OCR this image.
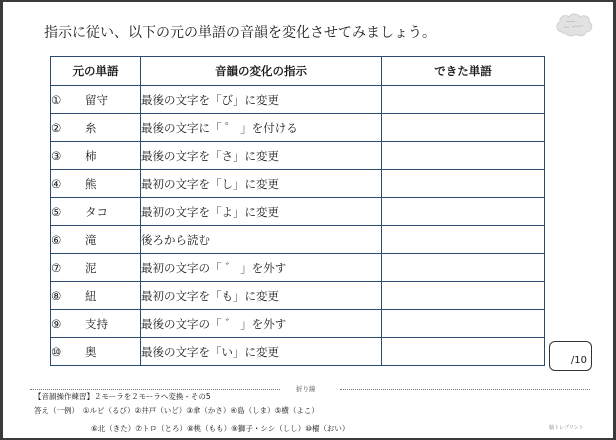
指示に従い、以下の元の単語の音韻を変化させてみましょう。
元の単語	音韻の変化の指示	できた単語
① 留守	最後の文字を「び」に変更	
② 糸	最後の文字に「 ゜ 」を付ける	
③ 柿	最後の文字を「さ」に変更	
④ 熊	最初の文字を「し」に変更	
⑤ タコ	最初の文字を「よ」に変更	
⑥ 滝	後ろから読む	
⑦ 泥	最初の文字の「 ゛ 」を外す	
⑧ 紐	最初の文字を「も」に変更	
⑨ 支持	最後の文字の「 ゛ 」を外す	
⑩ 奥	最後の文字を「い」に変更	
/10
折り線
【音韻操作練習】２モーラを２モーラへ変換 - その5
答え（一例）　①ルビ（るび）②井戸（いど）③傘（かさ）④島（しま）⑤横（よこ）
⑥北（きた）⑦トロ（とろ）⑧桃（もも）⑨獅子・シシ（しし）⑩櫂（おい）	脳トレプリント
